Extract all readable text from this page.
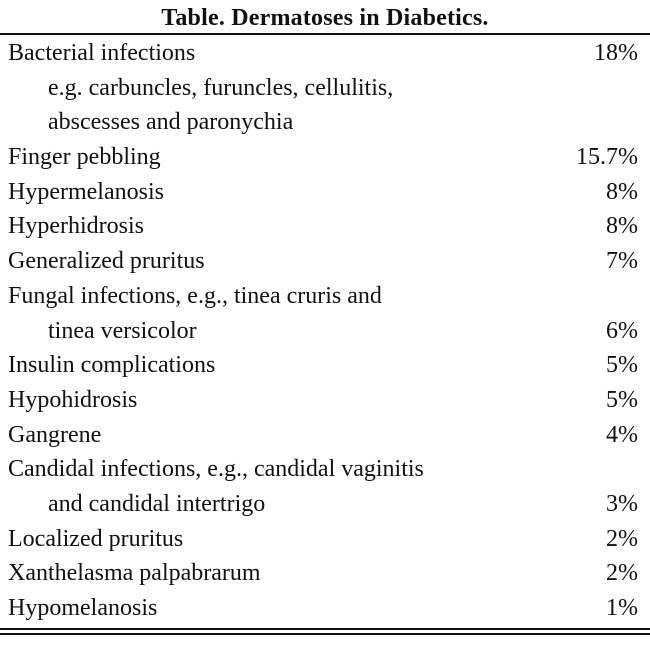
Table. Dermatoses in Diabetics.
Bacterial infections	18%
e.g. carbuncles, furuncles, cellulitis,
abscesses and paronychia
Finger pebbling	15.7%
Hypermelanosis	8%
Hyperhidrosis	8%
Generalized pruritus	7%
Fungal infections, e.g., tinea cruris and
tinea versicolor	6%
Insulin complications	5%
Hypohidrosis	5%
Gangrene	4%
Candidal infections, e.g., candidal vaginitis
and candidal intertrigo	3%
Localized pruritus	2%
Xanthelasma palpabrarum	2%
Hypomelanosis	1%
